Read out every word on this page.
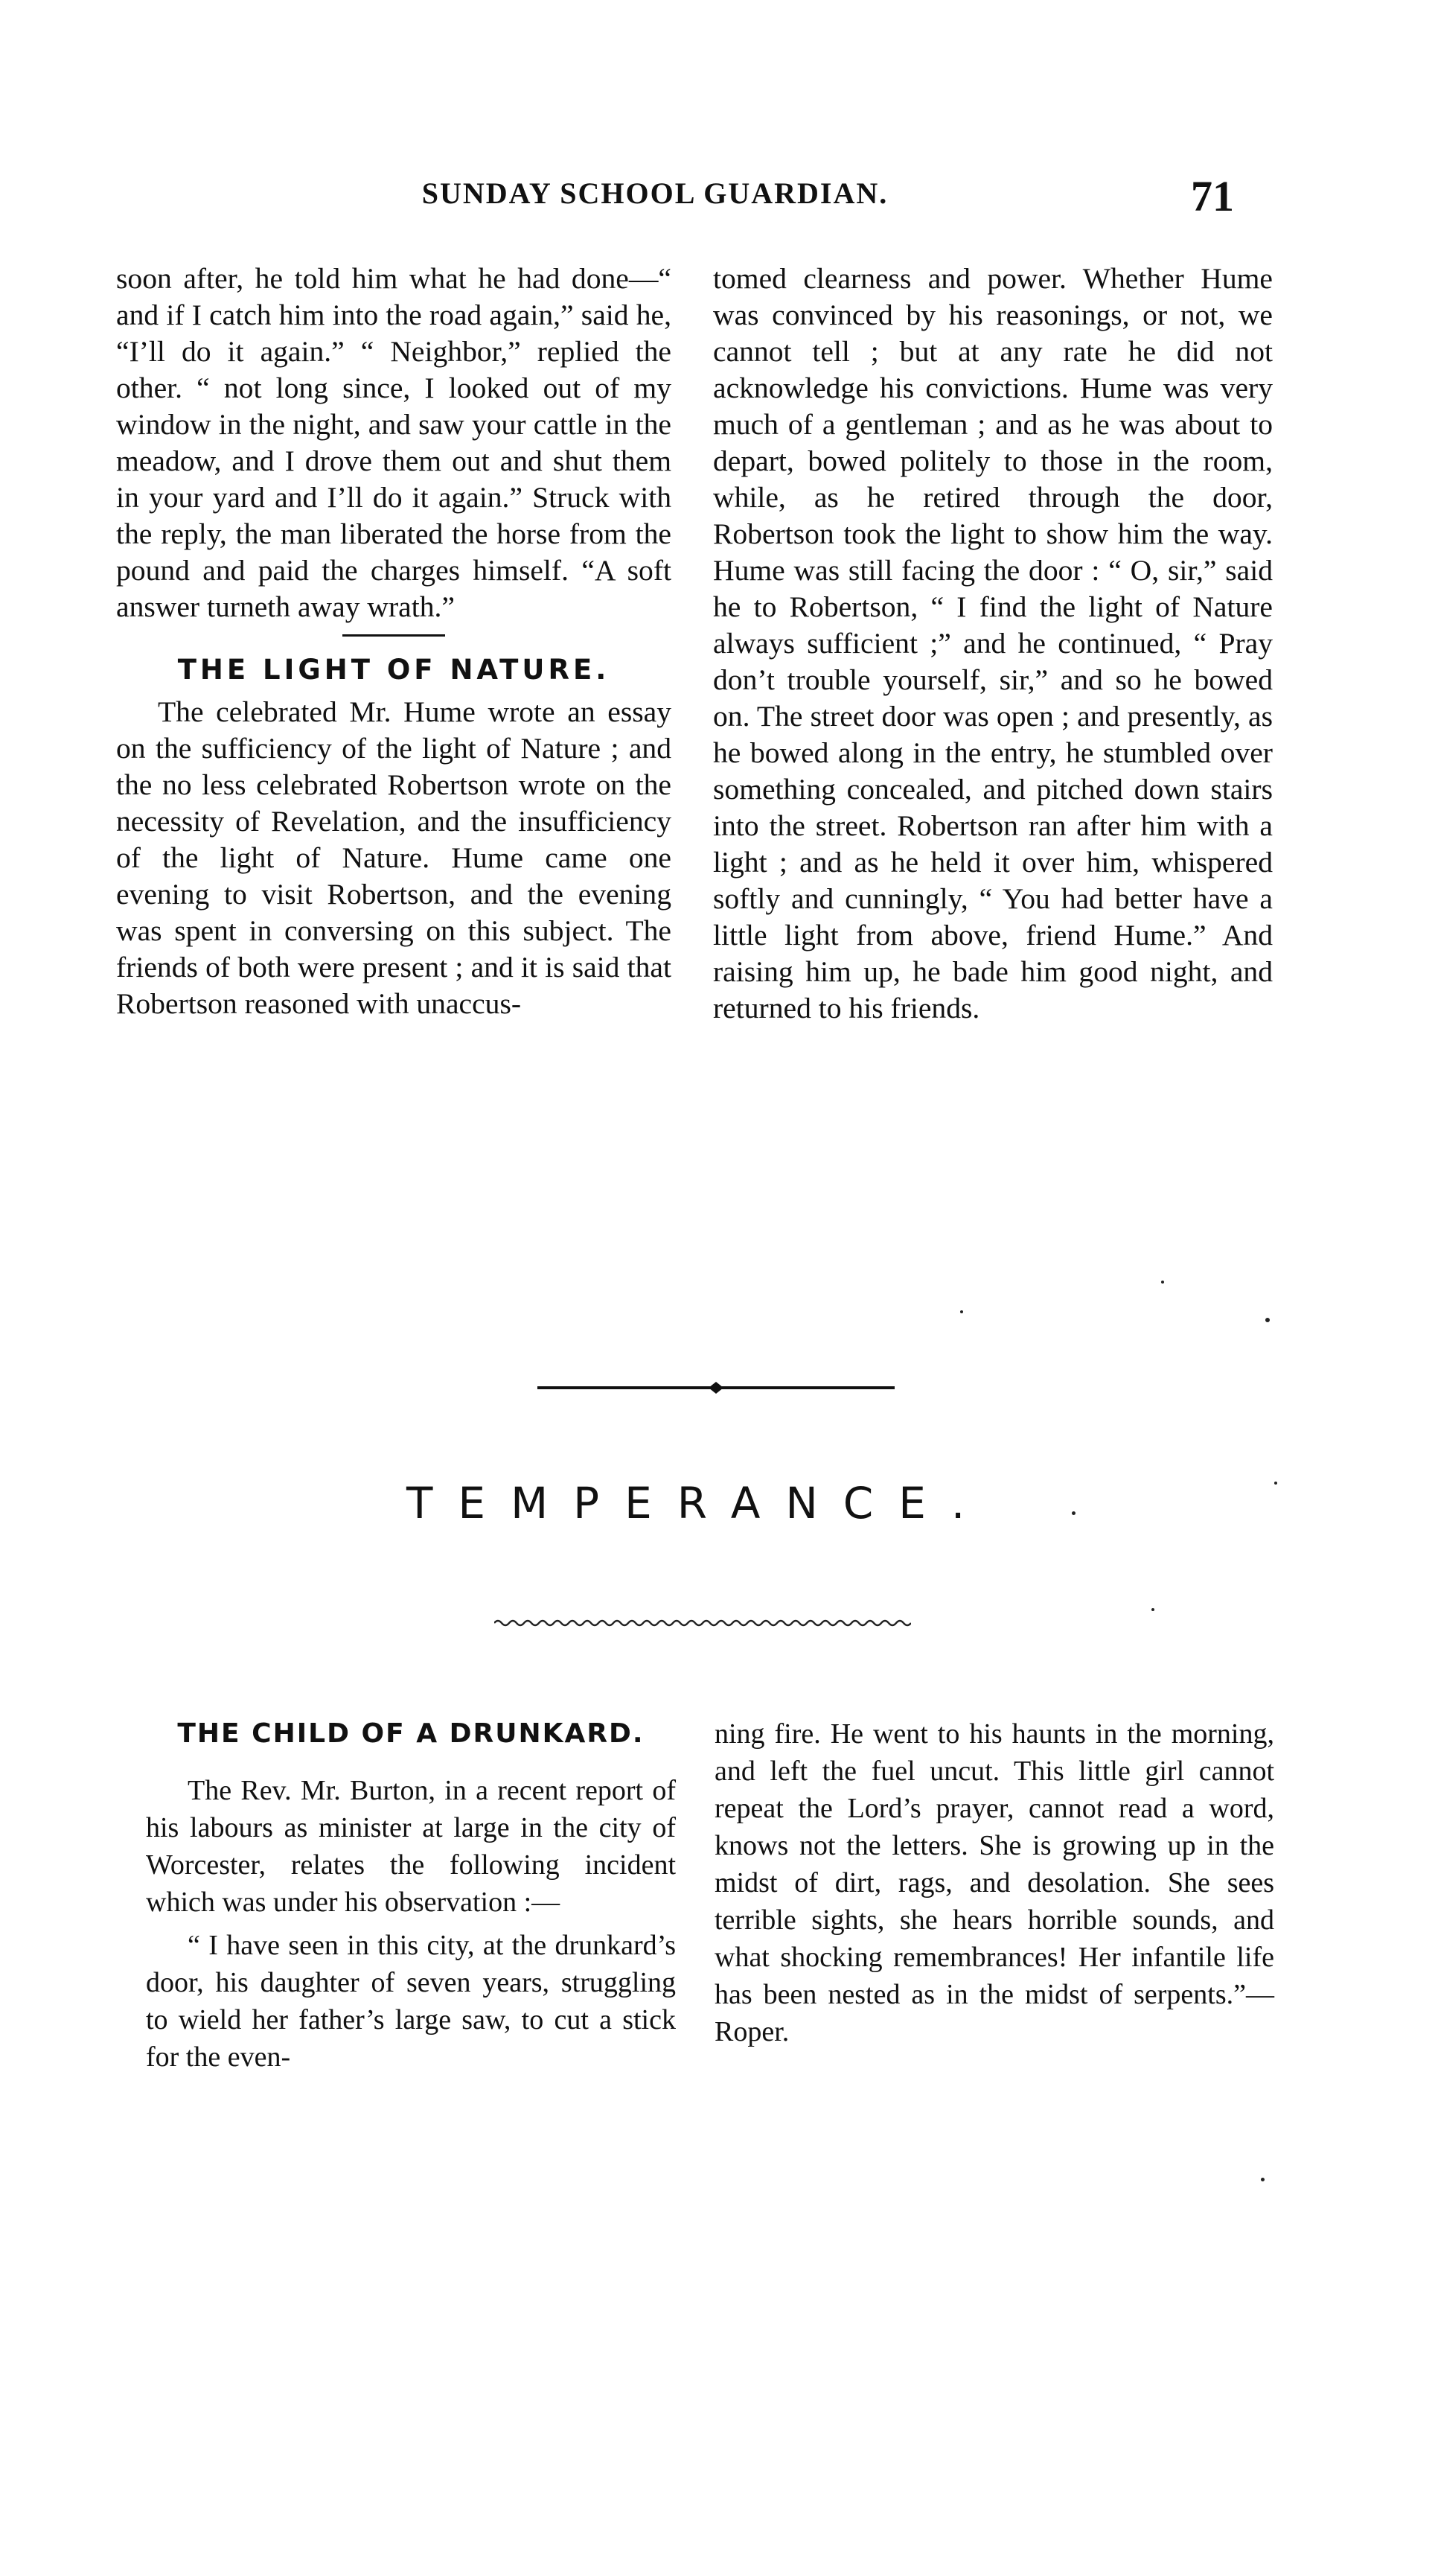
SUNDAY SCHOOL GUARDIAN.	71

soon after, he told him what he had done—“ and if I catch him into the road again,” said he, “I’ll do it again.” “ Neighbor,” replied the other. “ not long since, I looked out of my window in the night, and saw your cattle in the meadow, and I drove them out and shut them in your yard and I’ll do it again.” Struck with the reply, the man liberated the horse from the pound and paid the charges himself. “A soft answer turneth away wrath.”

THE LIGHT OF NATURE.

The celebrated Mr. Hume wrote an essay on the sufficiency of the light of Nature ; and the no less celebrated Robertson wrote on the necessity of Revelation, and the insufficiency of the light of Nature. Hume came one evening to visit Robertson, and the evening was spent in conversing on this subject. The friends of both were present ; and it is said that Robertson reasoned with unaccus-

tomed clearness and power. Whether Hume was convinced by his reasonings, or not, we cannot tell ; but at any rate he did not acknowledge his convictions. Hume was very much of a gentleman ; and as he was about to depart, bowed politely to those in the room, while, as he retired through the door, Robertson took the light to show him the way. Hume was still facing the door : “ O, sir,” said he to Robertson, “ I find the light of Nature always sufficient ;” and he continued, “ Pray don’t trouble yourself, sir,” and so he bowed on. The street door was open ; and presently, as he bowed along in the entry, he stumbled over something concealed, and pitched down stairs into the street. Robertson ran after him with a light ; and as he held it over him, whispered softly and cunningly, “ You had better have a little light from above, friend Hume.” And raising him up, he bade him good night, and returned to his friends.

TEMPERANCE.
THE CHILD OF A DRUNKARD.

The Rev. Mr. Burton, in a recent report of his labours as minister at large in the city of Worcester, relates the following incident which was under his observation :—

“ I have seen in this city, at the drunkard’s door, his daughter of seven years, struggling to wield her father’s large saw, to cut a stick for the even-

ning fire. He went to his haunts in the morning, and left the fuel uncut. This little girl cannot repeat the Lord’s prayer, cannot read a word, knows not the letters. She is growing up in the midst of dirt, rags, and desolation. She sees terrible sights, she hears horrible sounds, and what shocking remembrances! Her infantile life has been nested as in the midst of serpents.”—Roper.
